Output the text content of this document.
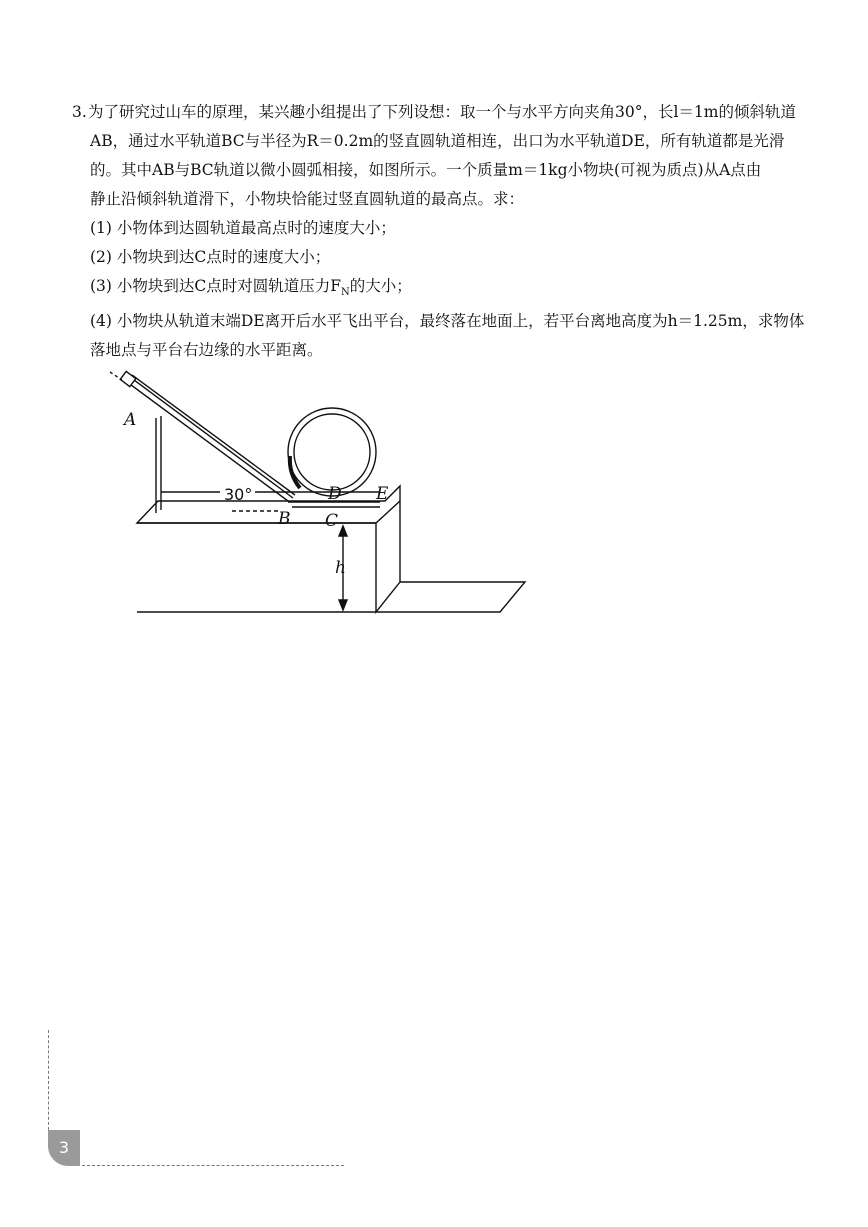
3.为了研究过山车的原理，某兴趣小组提出了下列设想：取一个与水平方向夹角30°，长l＝1m的倾斜轨道

AB，通过水平轨道BC与半径为R＝0.2m的竖直圆轨道相连，出口为水平轨道DE，所有轨道都是光滑

的。其中AB与BC轨道以微小圆弧相接，如图所示。一个质量m＝1kg小物块(可视为质点)从A点由

静止沿倾斜轨道滑下，小物块恰能过竖直圆轨道的最高点。求：

(1) 小物体到达圆轨道最高点时的速度大小；

(2) 小物块到达C点时的速度大小；

(3) 小物块到达C点时对圆轨道压力$F_N$的大小；

(4) 小物块从轨道末端DE离开后水平飞出平台，最终落在地面上，若平台离地高度为h＝1.25m，求物体

落地点与平台右边缘的水平距离。

A
B C
D E
h
30°
3
